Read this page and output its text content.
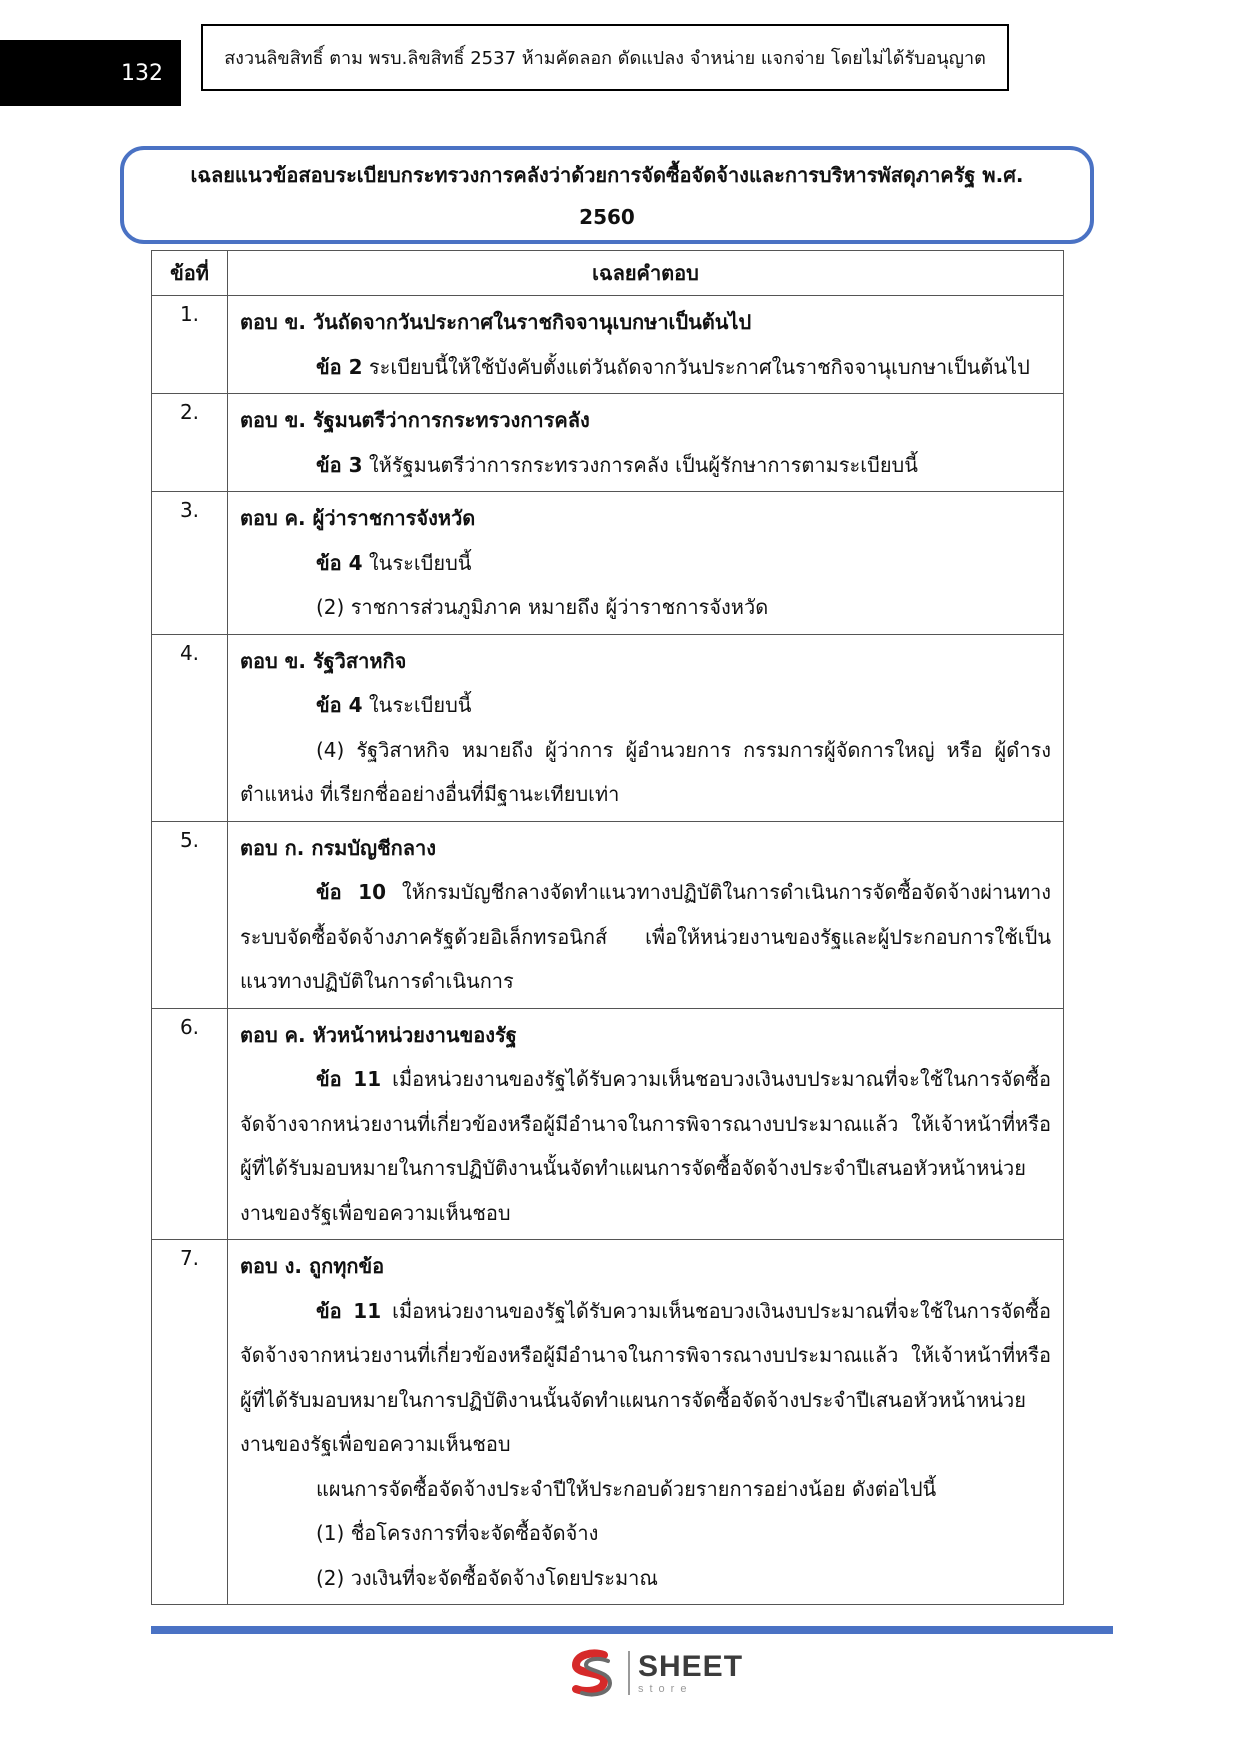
132
สงวนลิขสิทธิ์ ตาม พรบ.ลิขสิทธิ์ 2537 ห้ามคัดลอก ดัดแปลง จำหน่าย แจกจ่าย โดยไม่ได้รับอนุญาต
เฉลยแนวข้อสอบระเบียบกระทรวงการคลังว่าด้วยการจัดซื้อจัดจ้างและการบริหารพัสดุภาครัฐ พ.ศ.
2560
ข้อที่	เฉลยคำตอบ
1.	ตอบ ข. วันถัดจากวันประกาศในราชกิจจานุเบกษาเป็นต้นไป
ข้อ 2 ระเบียบนี้ให้ใช้บังคับตั้งแต่วันถัดจากวันประกาศในราชกิจจานุเบกษาเป็นต้นไป

2.	ตอบ ข. รัฐมนตรีว่าการกระทรวงการคลัง
ข้อ 3 ให้รัฐมนตรีว่าการกระทรวงการคลัง เป็นผู้รักษาการตามระเบียบนี้

3.	ตอบ ค. ผู้ว่าราชการจังหวัด
ข้อ 4 ในระเบียบนี้
(2) ราชการส่วนภูมิภาค หมายถึง ผู้ว่าราชการจังหวัด

4.	ตอบ ข. รัฐวิสาหกิจ
ข้อ 4 ในระเบียบนี้
(4) รัฐวิสาหกิจ หมายถึง ผู้ว่าการ ผู้อำนวยการ กรรมการผู้จัดการใหญ่ หรือ ผู้ดำรงตำแหน่ง ที่เรียกชื่ออย่างอื่นที่มีฐานะเทียบเท่า

5.	ตอบ ก. กรมบัญชีกลาง
ข้อ 10 ให้กรมบัญชีกลางจัดทำแนวทางปฏิบัติในการดำเนินการจัดซื้อจัดจ้างผ่านทางระบบจัดซื้อจัดจ้างภาครัฐด้วยอิเล็กทรอนิกส์ เพื่อให้หน่วยงานของรัฐและผู้ประกอบการใช้เป็นแนวทางปฏิบัติในการดำเนินการ

6.	ตอบ ค. หัวหน้าหน่วยงานของรัฐ
ข้อ 11 เมื่อหน่วยงานของรัฐได้รับความเห็นชอบวงเงินงบประมาณที่จะใช้ในการจัดซื้อจัดจ้างจากหน่วยงานที่เกี่ยวข้องหรือผู้มีอำนาจในการพิจารณางบประมาณแล้ว ให้เจ้าหน้าที่หรือผู้ที่ได้รับมอบหมายในการปฏิบัติงานนั้นจัดทำแผนการจัดซื้อจัดจ้างประจำปีเสนอหัวหน้าหน่วยงานของรัฐเพื่อขอความเห็นชอบ

7.	ตอบ ง. ถูกทุกข้อ
ข้อ 11 เมื่อหน่วยงานของรัฐได้รับความเห็นชอบวงเงินงบประมาณที่จะใช้ในการจัดซื้อจัดจ้างจากหน่วยงานที่เกี่ยวข้องหรือผู้มีอำนาจในการพิจารณางบประมาณแล้ว ให้เจ้าหน้าที่หรือผู้ที่ได้รับมอบหมายในการปฏิบัติงานนั้นจัดทำแผนการจัดซื้อจัดจ้างประจำปีเสนอหัวหน้าหน่วยงานของรัฐเพื่อขอความเห็นชอบ
แผนการจัดซื้อจัดจ้างประจำปีให้ประกอบด้วยรายการอย่างน้อย ดังต่อไปนี้
(1) ชื่อโครงการที่จะจัดซื้อจัดจ้าง
(2) วงเงินที่จะจัดซื้อจัดจ้างโดยประมาณ
SHEET
store
